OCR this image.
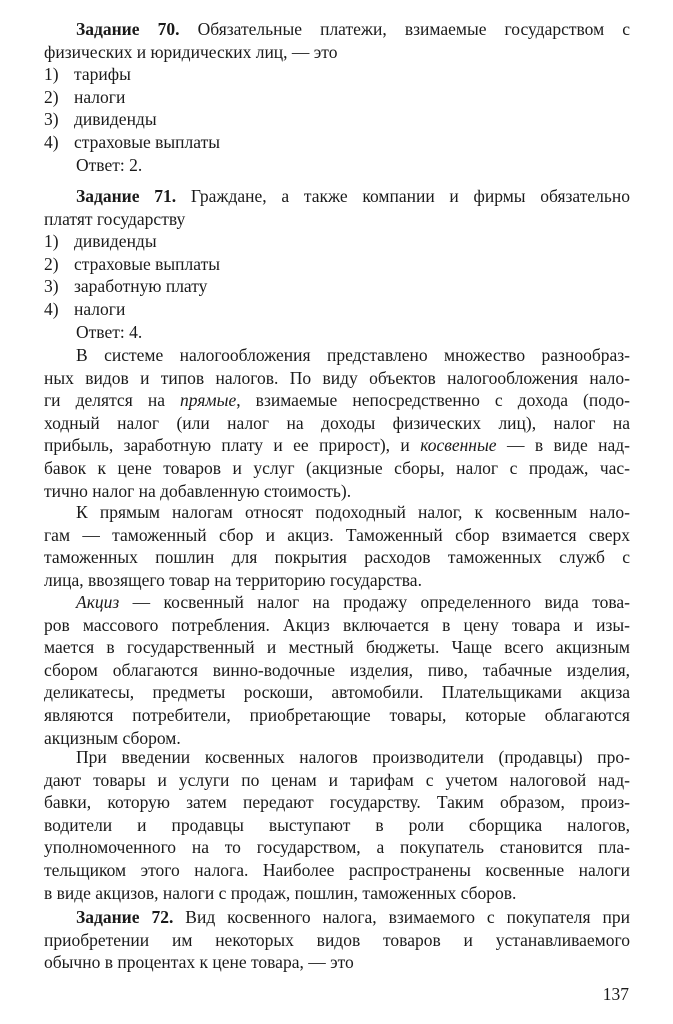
Задание 70. Обязательные платежи, взимаемые государством с
физических и юридических лиц, — это
1) тарифы
2) налоги
3) дивиденды
4) страховые выплаты
Ответ: 2.
Задание 71. Граждане, а также компании и фирмы обязательно
платят государству
1) дивиденды
2) страховые выплаты
3) заработную плату
4) налоги
Ответ: 4.
В системе налогообложения представлено множество разнообраз-
ных видов и типов налогов. По виду объектов налогообложения нало-
ги делятся на прямые, взимаемые непосредственно с дохода (подо-
ходный налог (или налог на доходы физических лиц), налог на
прибыль, заработную плату и ее прирост), и косвенные — в виде над-
бавок к цене товаров и услуг (акцизные сборы, налог с продаж, час-
тично налог на добавленную стоимость).
К прямым налогам относят подоходный налог, к косвенным нало-
гам — таможенный сбор и акциз. Таможенный сбор взимается сверх
таможенных пошлин для покрытия расходов таможенных служб с
лица, ввозящего товар на территорию государства.
Акциз — косвенный налог на продажу определенного вида това-
ров массового потребления. Акциз включается в цену товара и изы-
мается в государственный и местный бюджеты. Чаще всего акцизным
сбором облагаются винно-водочные изделия, пиво, табачные изделия,
деликатесы, предметы роскоши, автомобили. Плательщиками акциза
являются потребители, приобретающие товары, которые облагаются
акцизным сбором.
При введении косвенных налогов производители (продавцы) про-
дают товары и услуги по ценам и тарифам с учетом налоговой над-
бавки, которую затем передают государству. Таким образом, произ-
водители и продавцы выступают в роли сборщика налогов,
уполномоченного на то государством, а покупатель становится пла-
тельщиком этого налога. Наиболее распространены косвенные налоги
в виде акцизов, налоги с продаж, пошлин, таможенных сборов.
Задание 72. Вид косвенного налога, взимаемого с покупателя при
приобретении им некоторых видов товаров и устанавливаемого
обычно в процентах к цене товара, — это
137
